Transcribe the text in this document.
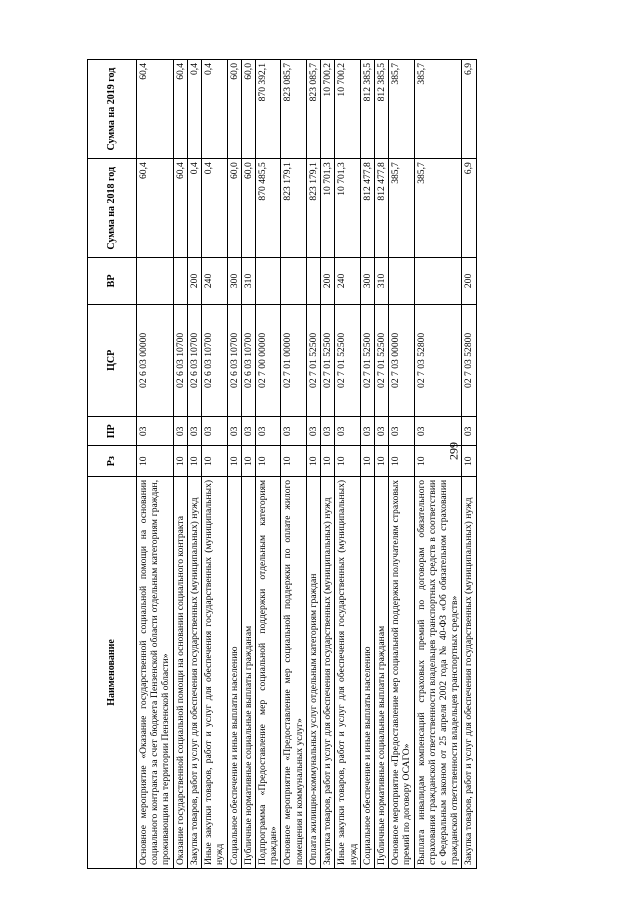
299
Наименование	Рз	ПР	ЦСР	ВР	Сумма на 2018 год	Сумма на 2019 год
Основное мероприятие «Оказание государственной социальной помощи на основании социального контракта за счет бюджета Пензенской области отдельным категориям граждан, проживающим на территории Пензенской области»	10	03	02 6 03 00000		60,4	60,4
Оказание государственной социальной помощи на основании социального контракта	10	03	02 6 03 10700		60,4	60,4
Закупка товаров, работ и услуг для обеспечения государственных (муниципальных) нужд	10	03	02 6 03 10700	200	0,4	0,4
Иные закупки товаров, работ и услуг для обеспечения государственных (муниципальных) нужд	10	03	02 6 03 10700	240	0,4	0,4
Социальное обеспечение и иные выплаты населению	10	03	02 6 03 10700	300	60,0	60,0
Публичные нормативные социальные выплаты гражданам	10	03	02 6 03 10700	310	60,0	60,0
Подпрограмма «Предоставление мер социальной поддержки отдельным категориям граждан»	10	03	02 7 00 00000		870 485,5	870 392,1
Основное мероприятие «Предоставление мер социальной поддержки по оплате жилого помещения и коммунальных услуг»	10	03	02 7 01 00000		823 179,1	823 085,7
Оплата жилищно-коммунальных услуг отдельным категориям граждан	10	03	02 7 01 52500		823 179,1	823 085,7
Закупка товаров, работ и услуг для обеспечения государственных (муниципальных) нужд	10	03	02 7 01 52500	200	10 701,3	10 700,2
Иные закупки товаров, работ и услуг для обеспечения государственных (муниципальных) нужд	10	03	02 7 01 52500	240	10 701,3	10 700,2
Социальное обеспечение и иные выплаты населению	10	03	02 7 01 52500	300	812 477,8	812 385,5
Публичные нормативные социальные выплаты гражданам	10	03	02 7 01 52500	310	812 477,8	812 385,5
Основное мероприятие «Предоставление мер социальной поддержки получателям страховых премий по договору ОСАГО»	10	03	02 7 03 00000		385,7	385,7
Выплата инвалидам компенсаций страховых премий по договорам обязательного страхования гражданской ответственности владельцев транспортных средств в соответствии с Федеральным законом от 25 апреля 2002 года № 40-ФЗ «Об обязательном страховании гражданской ответственности владельцев транспортных средств»	10	03	02 7 03 52800		385,7	385,7
Закупка товаров, работ и услуг для обеспечения государственных (муниципальных) нужд	10	03	02 7 03 52800	200	6,9	6,9
